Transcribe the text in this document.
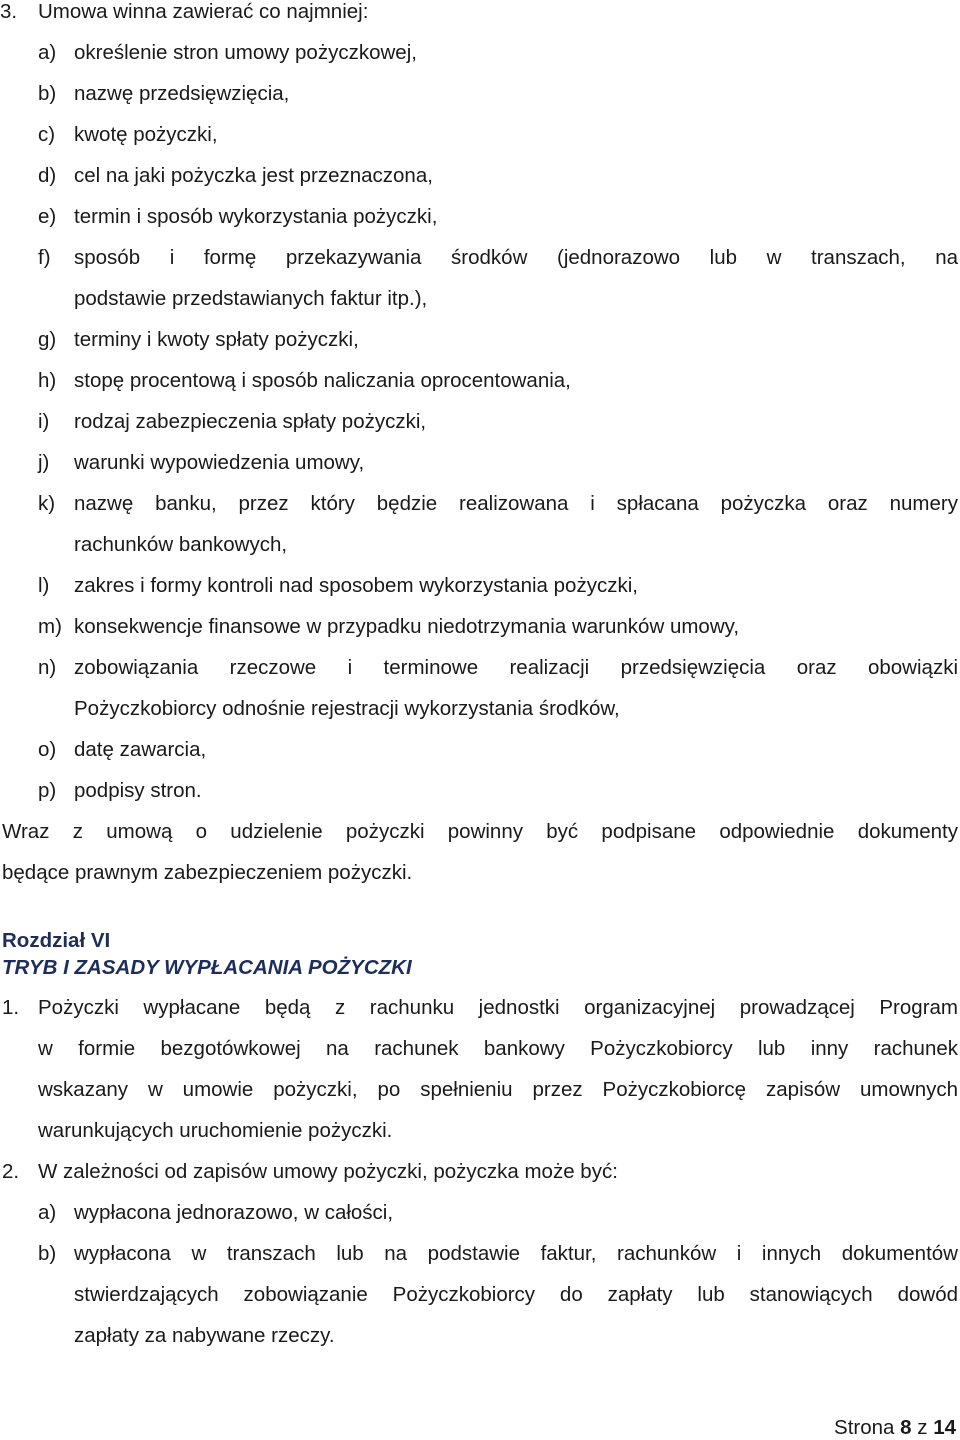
3. Umowa winna zawierać co najmniej:
a) określenie stron umowy pożyczkowej,
b) nazwę przedsięwzięcia,
c) kwotę pożyczki,
d) cel na jaki pożyczka jest przeznaczona,
e) termin i sposób wykorzystania pożyczki,
f) sposób i formę przekazywania środków (jednorazowo lub w transzach, na
podstawie przedstawianych faktur itp.),
g) terminy i kwoty spłaty pożyczki,
h) stopę procentową i sposób naliczania oprocentowania,
i) rodzaj zabezpieczenia spłaty pożyczki,
j) warunki wypowiedzenia umowy,
k) nazwę banku, przez który będzie realizowana i spłacana pożyczka oraz numery
rachunków bankowych,
l) zakres i formy kontroli nad sposobem wykorzystania pożyczki,
m) konsekwencje finansowe w przypadku niedotrzymania warunków umowy,
n) zobowiązania rzeczowe i terminowe realizacji przedsięwzięcia oraz obowiązki
Pożyczkobiorcy odnośnie rejestracji wykorzystania środków,
o) datę zawarcia,
p) podpisy stron.
Wraz z umową o udzielenie pożyczki powinny być podpisane odpowiednie dokumenty
będące prawnym zabezpieczeniem pożyczki.
Rozdział VI
TRYB I ZASADY WYPŁACANIA POŻYCZKI
1. Pożyczki wypłacane będą z rachunku jednostki organizacyjnej prowadzącej Program
w formie bezgotówkowej na rachunek bankowy Pożyczkobiorcy lub inny rachunek
wskazany w umowie pożyczki, po spełnieniu przez Pożyczkobiorcę zapisów umownych
warunkujących uruchomienie pożyczki.
2. W zależności od zapisów umowy pożyczki, pożyczka może być:
a) wypłacona jednorazowo, w całości,
b) wypłacona w transzach lub na podstawie faktur, rachunków i innych dokumentów
stwierdzających zobowiązanie Pożyczkobiorcy do zapłaty lub stanowiących dowód
zapłaty za nabywane rzeczy.
Strona 8 z 14
